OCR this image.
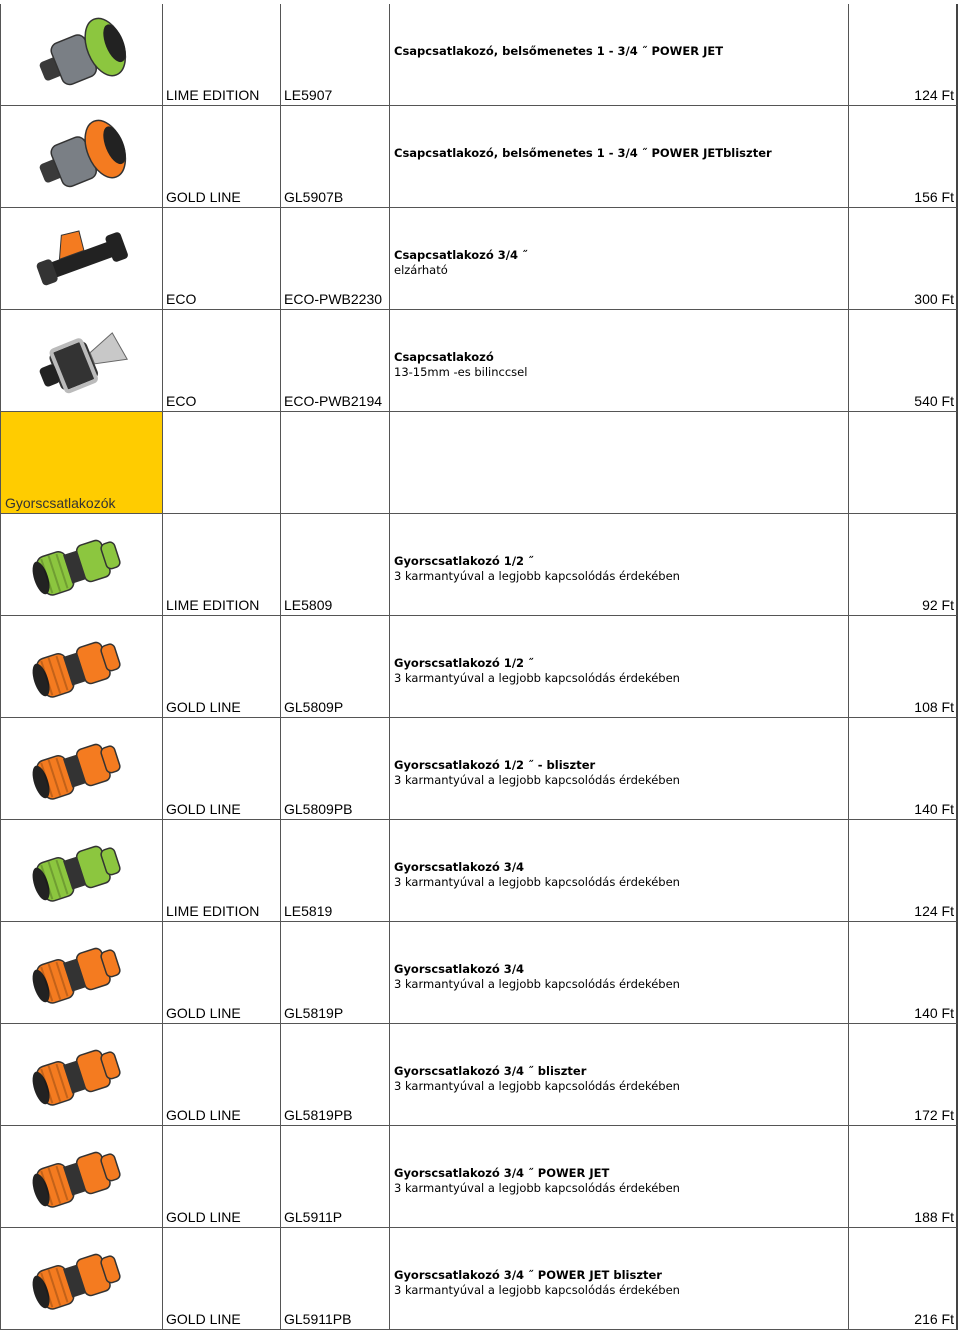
LIME EDITION LE5907
Csapcsatlakozó, belsőmenetes 1 - 3/4 ˝ POWER JET
124 Ft
GOLD LINE	GL5907B
Csapcsatlakozó, belsőmenetes 1 - 3/4 ˝ POWER JETbliszter
156 Ft
ECO	ECO-PWB2230
Csapcsatlakozó 3/4 ˝
elzárható
300 Ft
ECO	ECO-PWB2194
Csapcsatlakozó
13-15mm -es bilinccsel
540 Ft
Gyorscsatlakozók
LIME EDITION LE5809
Gyorscsatlakozó 1/2 ˝
3 karmantyúval a legjobb kapcsolódás érdekében
92 Ft
GOLD LINE	GL5809P
Gyorscsatlakozó 1/2 ˝
3 karmantyúval a legjobb kapcsolódás érdekében
108 Ft
GOLD LINE	GL5809PB
Gyorscsatlakozó 1/2 ˝ - bliszter
3 karmantyúval a legjobb kapcsolódás érdekében
140 Ft
LIME EDITION LE5819
Gyorscsatlakozó 3/4
3 karmantyúval a legjobb kapcsolódás érdekében
124 Ft
GOLD LINE	GL5819P
Gyorscsatlakozó 3/4
3 karmantyúval a legjobb kapcsolódás érdekében
140 Ft
GOLD LINE	GL5819PB
Gyorscsatlakozó 3/4 ˝ bliszter
3 karmantyúval a legjobb kapcsolódás érdekében
172 Ft
GOLD LINE	GL5911P
Gyorscsatlakozó 3/4 ˝ POWER JET
3 karmantyúval a legjobb kapcsolódás érdekében
188 Ft
GOLD LINE	GL5911PB
Gyorscsatlakozó 3/4 ˝ POWER JET bliszter
3 karmantyúval a legjobb kapcsolódás érdekében
216 Ft
